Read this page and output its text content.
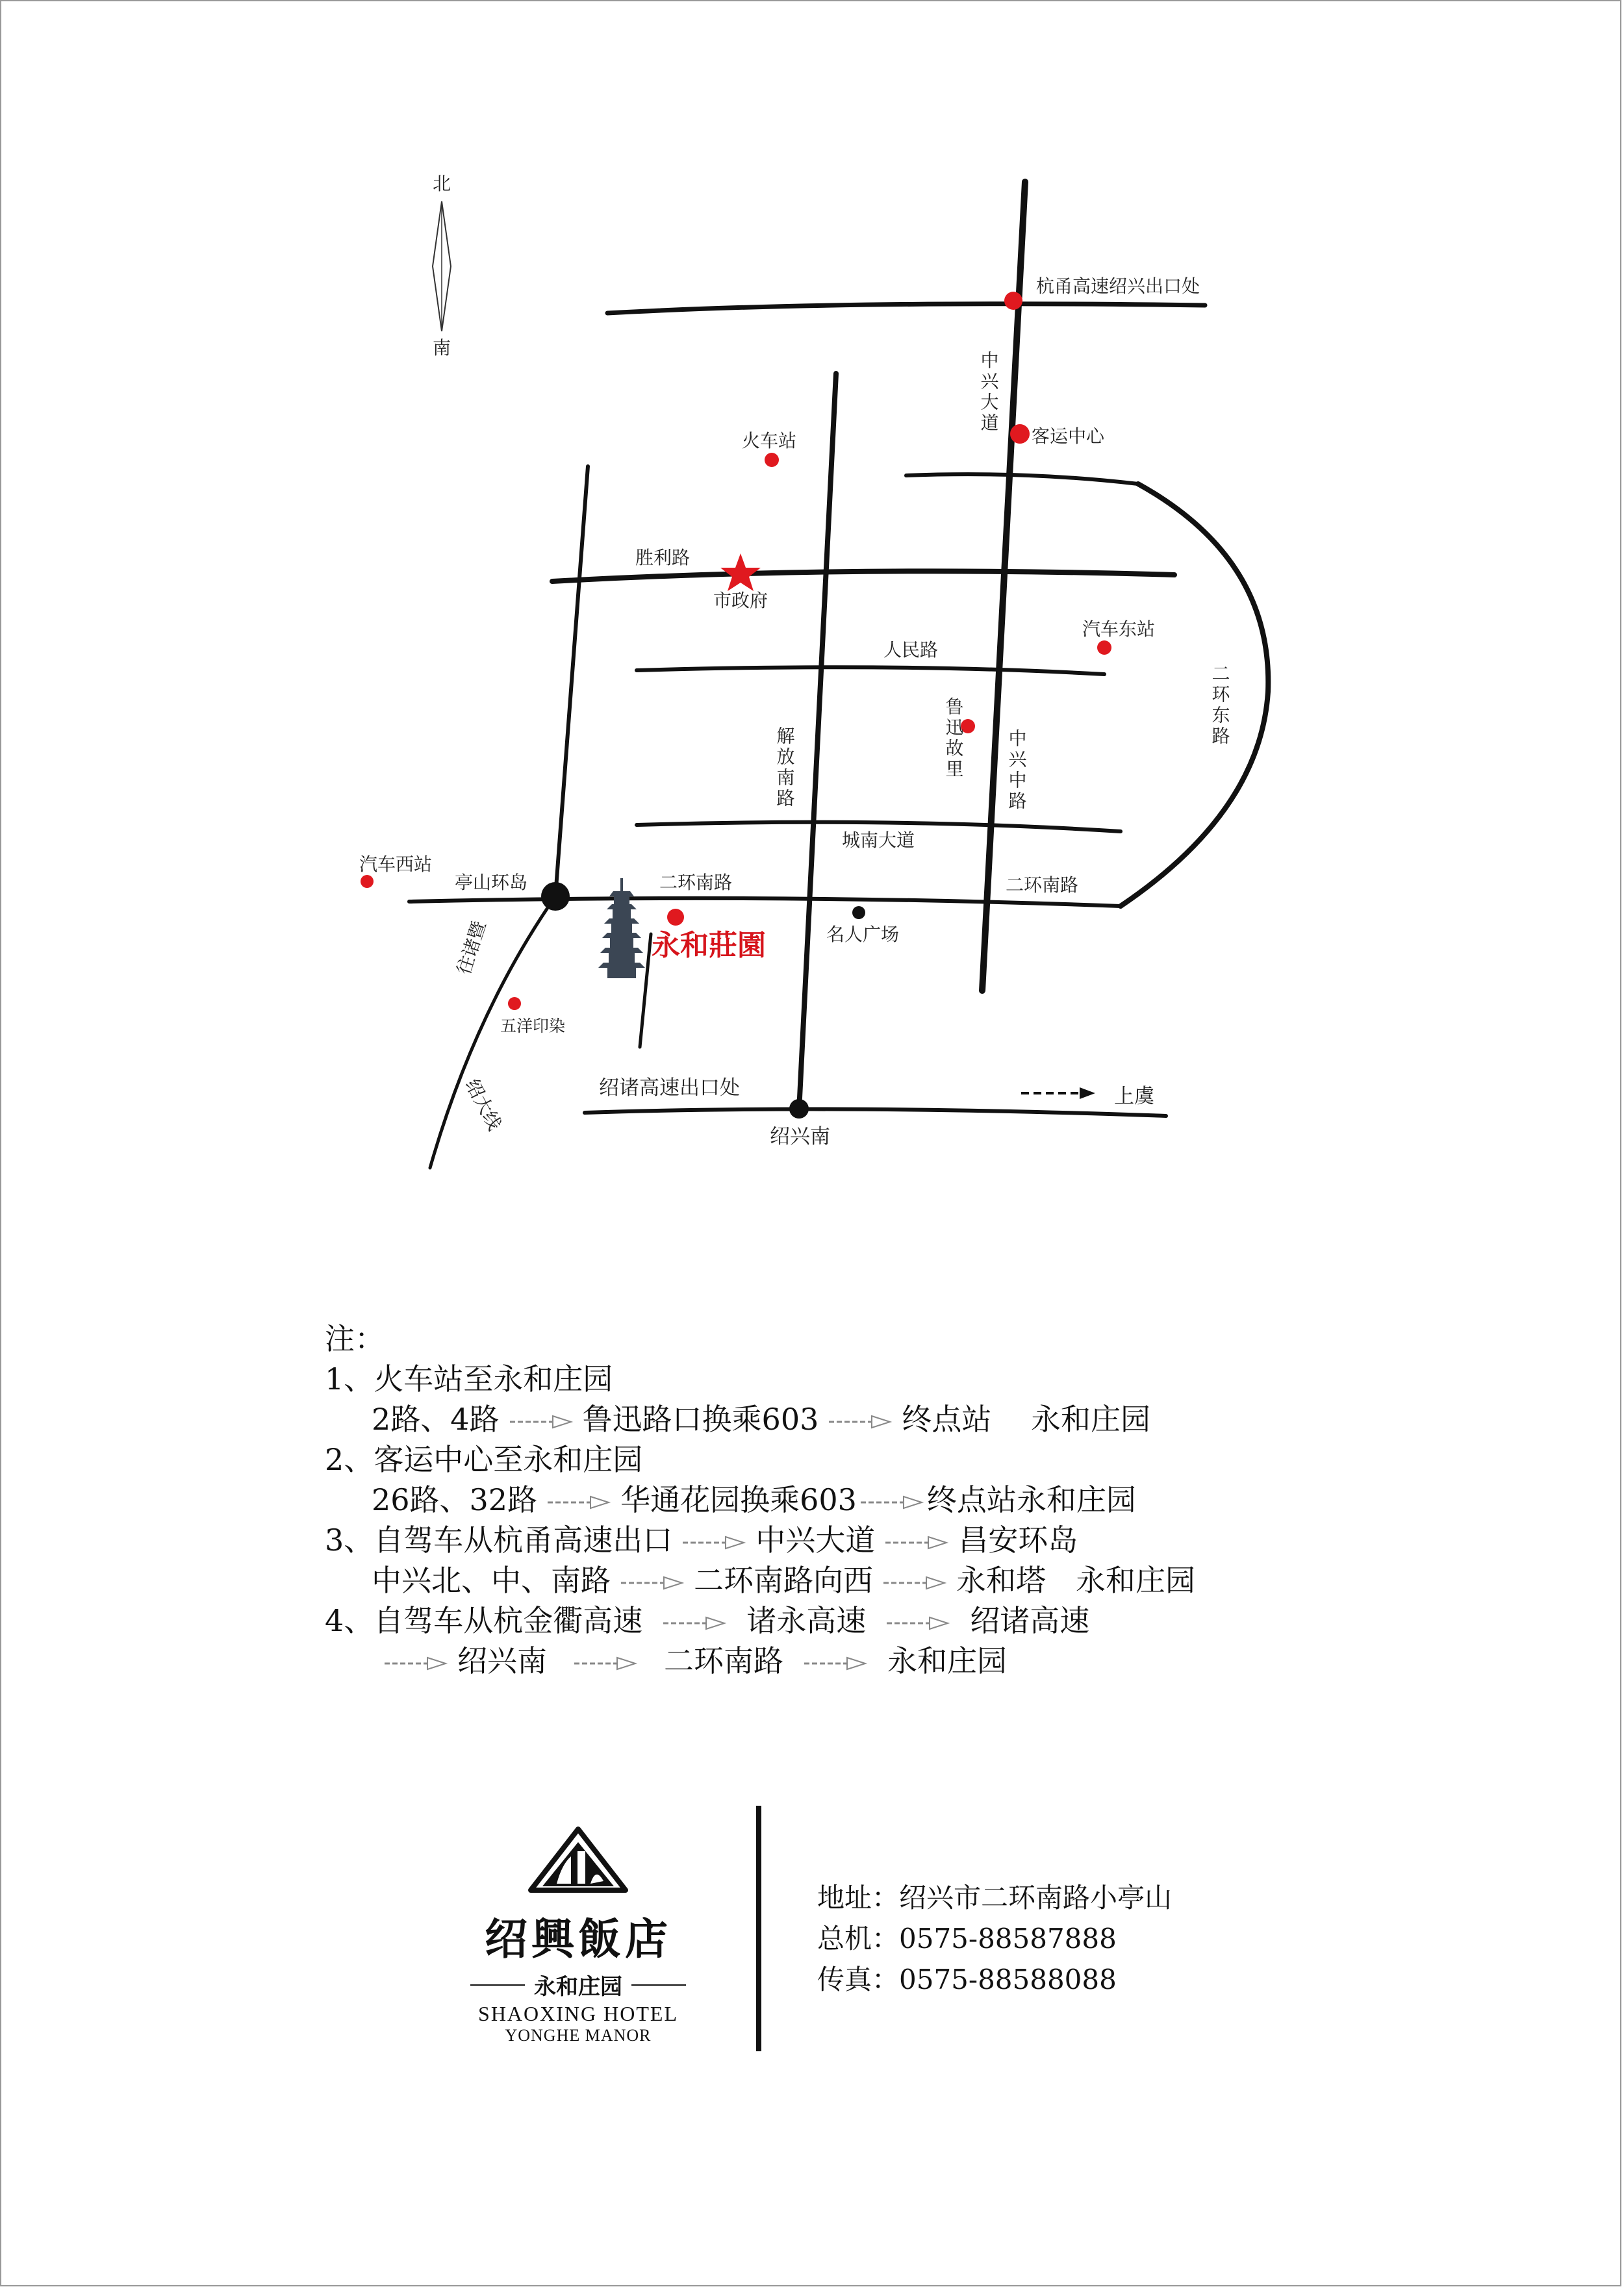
北
南
杭甬高速绍兴出口处
客运中心
火车站
胜利路
市政府
汽车东站
人民路
城南大道
汽车西站
亭山环岛	二环南路	二环南路
名人广场
五洋印染
绍诸高速出口处
绍兴南
上虞
永和莊園
中兴大道
二环东路
鲁迅故里
解放南路	中兴中路
往诸暨
绍大线
注：
1、火车站至永和庄园
2路、4路	鲁迅路口换乘603	终点站　 永和庄园
2、客运中心至永和庄园
26路、32路	华通花园换乘603 终点站永和庄园
3、自驾车从杭甬高速出口	中兴大道	昌安环岛
中兴北、中、南路	二环南路向西	永和塔　永和庄园
4、自驾车从杭金衢高速	诸永高速	绍诸高速
绍兴南	二环南路	永和庄园
绍興飯店
永和庄园
SHAOXING HOTEL
YONGHE MANOR
地址：绍兴市二环南路小亭山
总机：0575-88587888
传真：0575-88588088
